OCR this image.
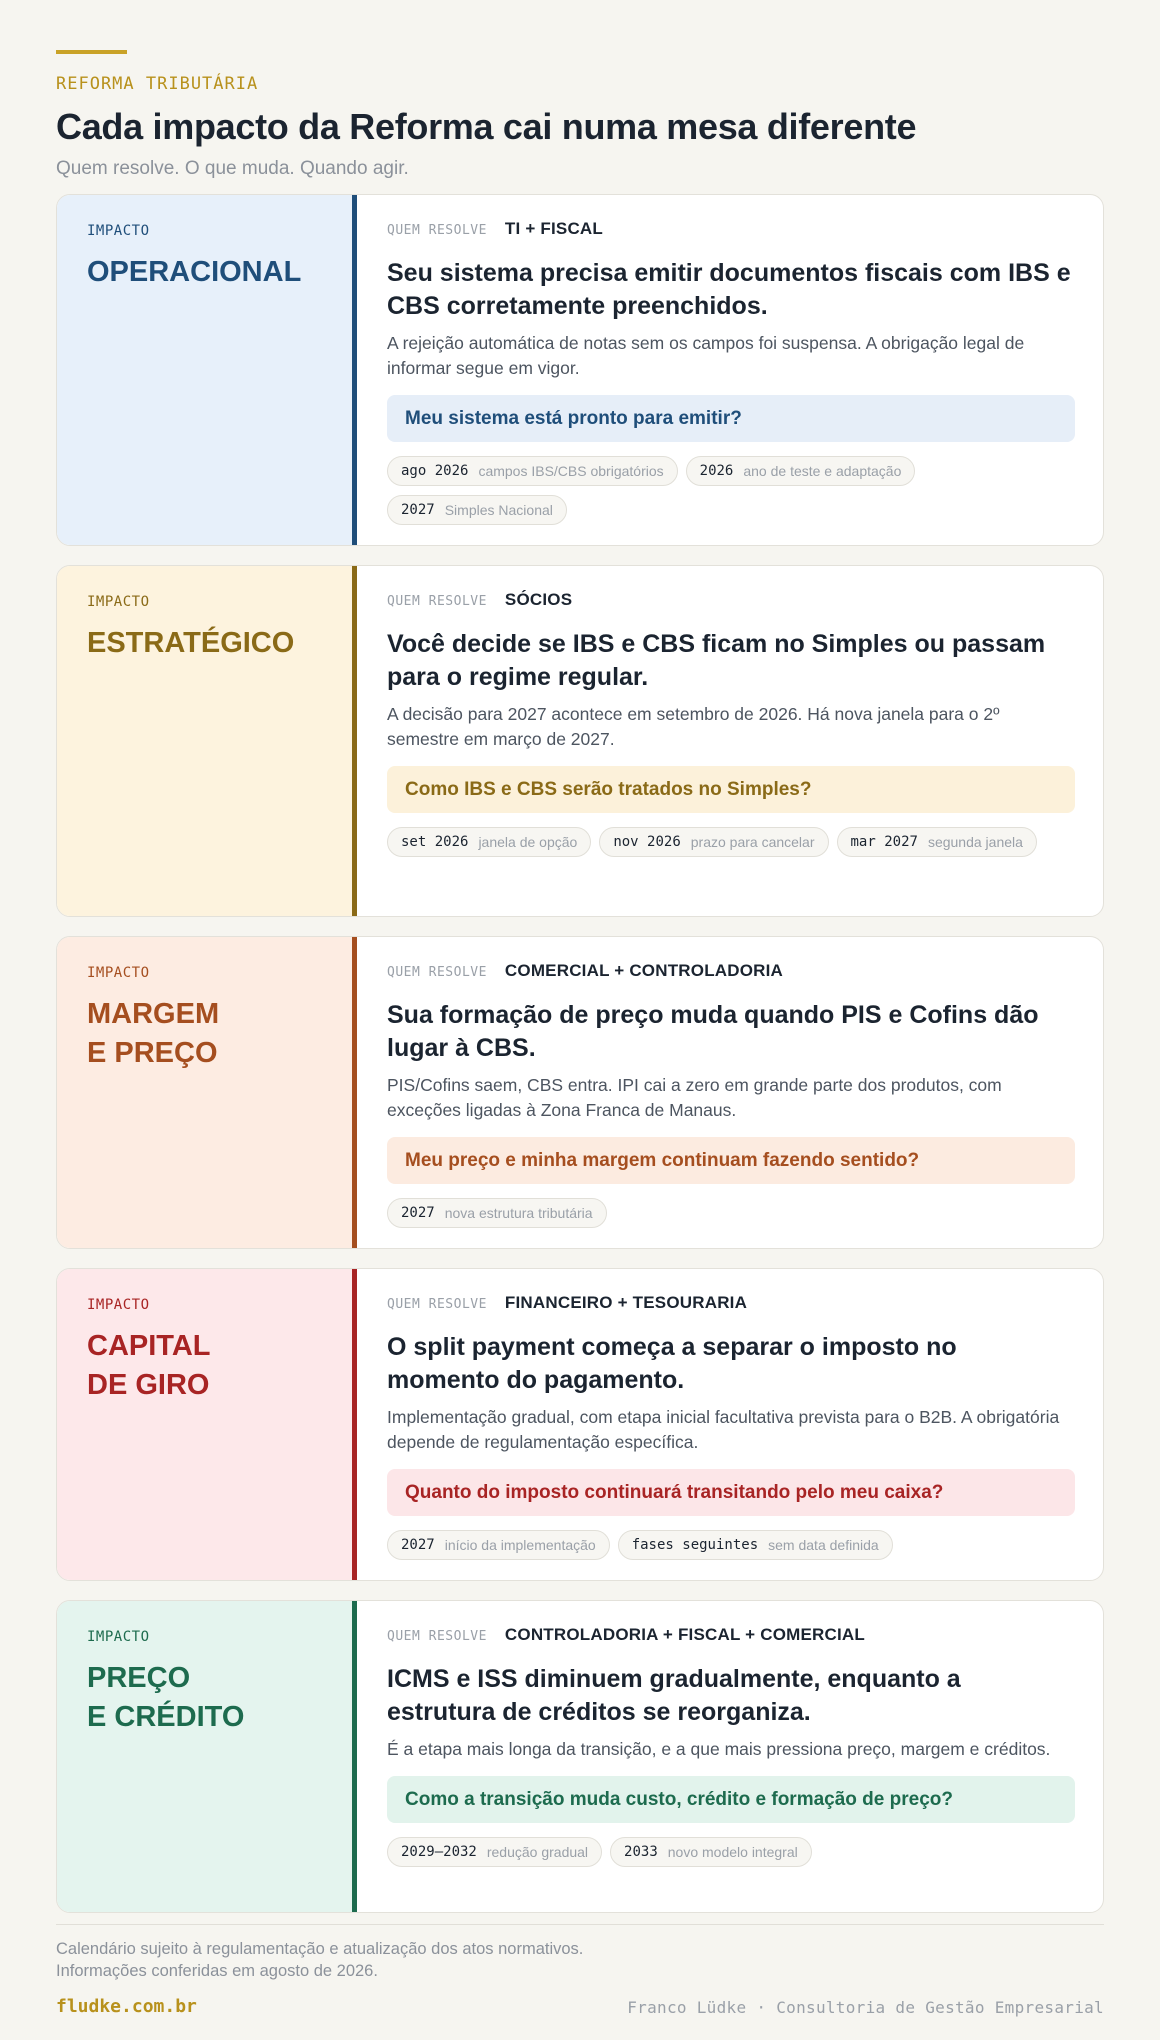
REFORMA TRIBUTÁRIA
Cada impacto da Reforma cai numa mesa diferente
Quem resolve. O que muda. Quando agir.
IMPACTO
OPERACIONAL
QUEM RESOLVE TI + FISCAL
Seu sistema precisa emitir documentos fiscais com IBS e CBS corretamente preenchidos.
A rejeição automática de notas sem os campos foi suspensa. A obrigação legal de informar segue em vigor.
Meu sistema está pronto para emitir?
ago 2026 campos IBS/CBS obrigatórios	2026 ano de teste e adaptação
2027 Simples Nacional
IMPACTO
ESTRATÉGICO
QUEM RESOLVE SÓCIOS
Você decide se IBS e CBS ficam no Simples ou passam para o regime regular.
A decisão para 2027 acontece em setembro de 2026. Há nova janela para o 2º semestre em março de 2027.
Como IBS e CBS serão tratados no Simples?
set 2026 janela de opção	nov 2026 prazo para cancelar	mar 2027 segunda janela
IMPACTO
MARGEM
E PREÇO
QUEM RESOLVE COMERCIAL + CONTROLADORIA
Sua formação de preço muda quando PIS e Cofins dão lugar à CBS.
PIS/Cofins saem, CBS entra. IPI cai a zero em grande parte dos produtos, com exceções ligadas à Zona Franca de Manaus.
Meu preço e minha margem continuam fazendo sentido?
2027 nova estrutura tributária
IMPACTO
CAPITAL
DE GIRO
QUEM RESOLVE FINANCEIRO + TESOURARIA
O split payment começa a separar o imposto no momento do pagamento.
Implementação gradual, com etapa inicial facultativa prevista para o B2B. A obrigatória depende de regulamentação específica.
Quanto do imposto continuará transitando pelo meu caixa?
2027 início da implementação	fases seguintes sem data definida
IMPACTO
PREÇO
E CRÉDITO
QUEM RESOLVE CONTROLADORIA + FISCAL + COMERCIAL
ICMS e ISS diminuem gradualmente, enquanto a estrutura de créditos se reorganiza.
É a etapa mais longa da transição, e a que mais pressiona preço, margem e créditos.
Como a transição muda custo, crédito e formação de preço?
2029–2032 redução gradual	2033 novo modelo integral
Calendário sujeito à regulamentação e atualização dos atos normativos.
Informações conferidas em agosto de 2026.
fludke.com.br	Franco Lüdke · Consultoria de Gestão Empresarial
